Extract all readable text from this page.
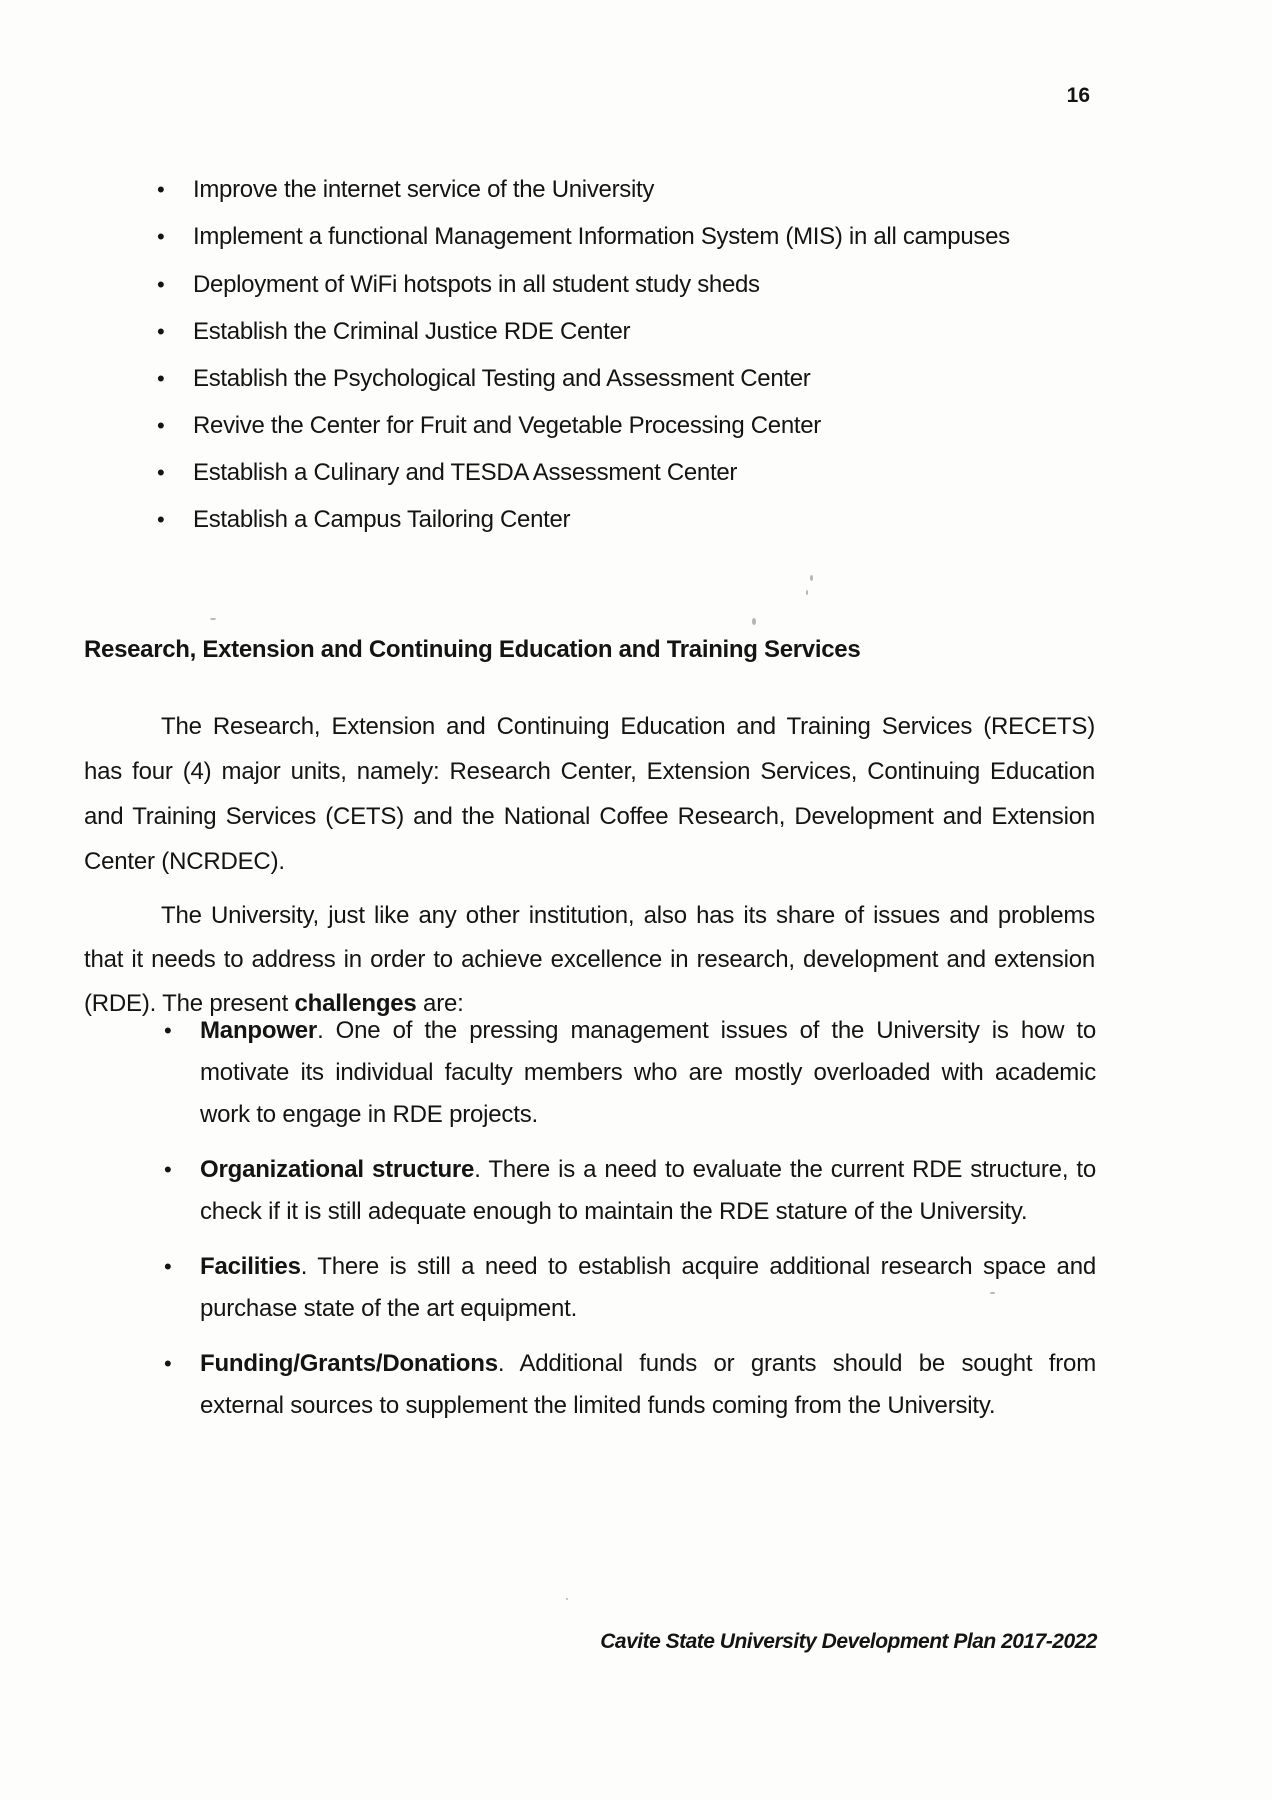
16
• Improve the internet service of the University
• Implement a functional Management Information System (MIS) in all campuses
• Deployment of WiFi hotspots in all student study sheds
• Establish the Criminal Justice RDE Center
• Establish the Psychological Testing and Assessment Center
• Revive the Center for Fruit and Vegetable Processing Center
• Establish a Culinary and TESDA Assessment Center
• Establish a Campus Tailoring Center
Research, Extension and Continuing Education and Training Services

The Research, Extension and Continuing Education and Training Services (RECETS) has four (4) major units, namely: Research Center, Extension Services, Continuing Education and Training Services (CETS) and the National Coffee Research, Development and Extension Center (NCRDEC).

The University, just like any other institution, also has its share of issues and problems that it needs to address in order to achieve excellence in research, development and extension (RDE). The present challenges are:

• Manpower. One of the pressing management issues of the University is how to motivate its individual faculty members who are mostly overloaded with academic work to engage in RDE projects.
• Organizational structure. There is a need to evaluate the current RDE structure, to check if it is still adequate enough to maintain the RDE stature of the University.
• Facilities. There is still a need to establish acquire additional research space and purchase state of the art equipment.
• Funding/Grants/Donations. Additional funds or grants should be sought from external sources to supplement the limited funds coming from the University.
Cavite State University Development Plan 2017-2022
